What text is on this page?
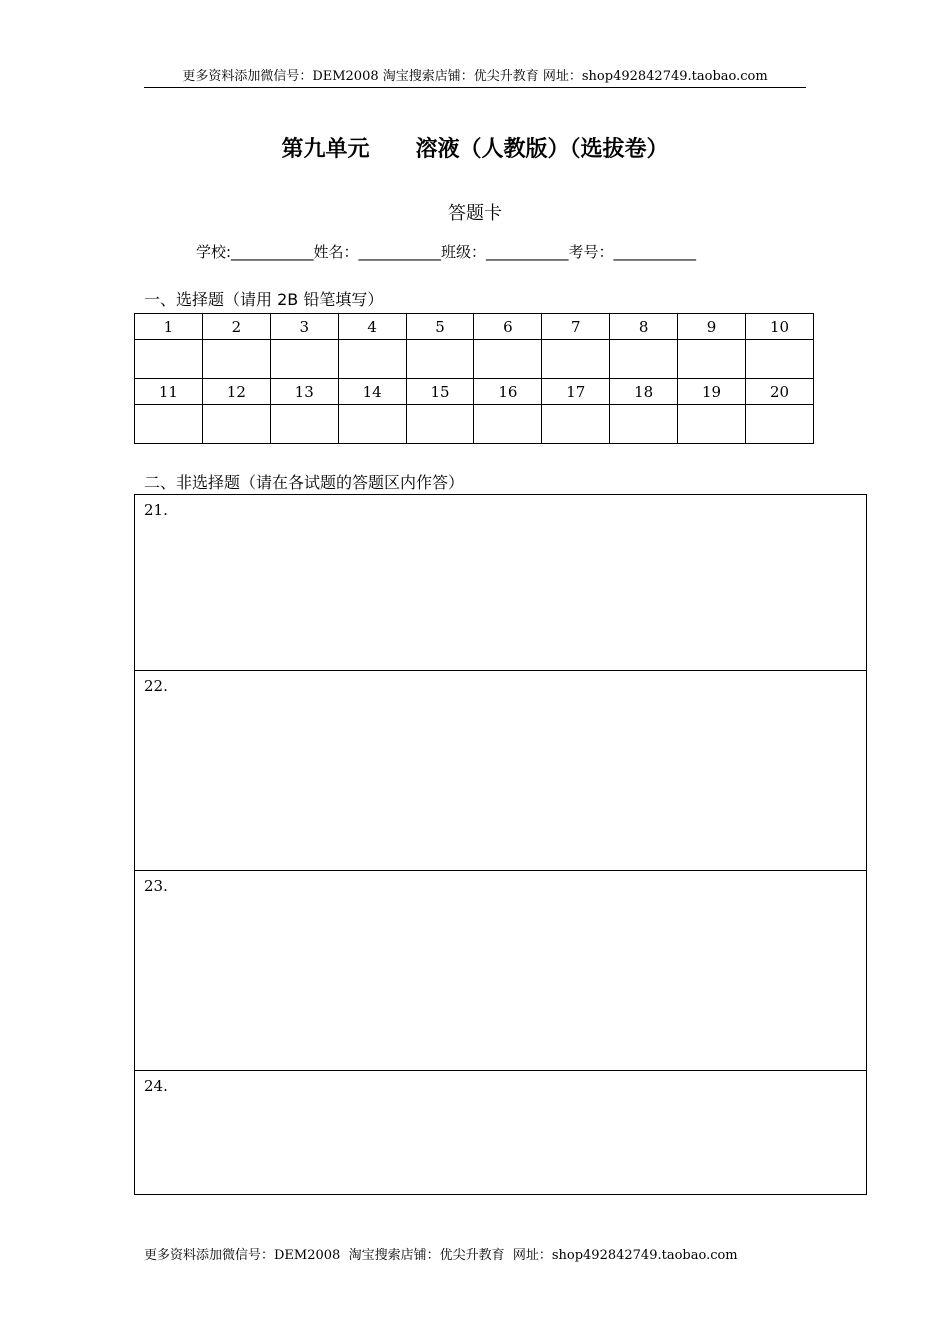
更多资料添加微信号：DEM2008 淘宝搜索店铺：优尖升教育 网址：shop492842749.taobao.com
第九单元      溶液（人教版）（选拔卷）
答题卡
学校:___________姓名：___________班级：___________考号：___________
一、选择题（请用 2B 铅笔填写）
1	2	3	4	5	6	7	8	9	10

11	12	13	14	15	16	17	18	19	20

二、非选择题（请在各试题的答题区内作答）
21.
22.
23.
24.
更多资料添加微信号：DEM2008  淘宝搜索店铺：优尖升教育  网址：shop492842749.taobao.com
